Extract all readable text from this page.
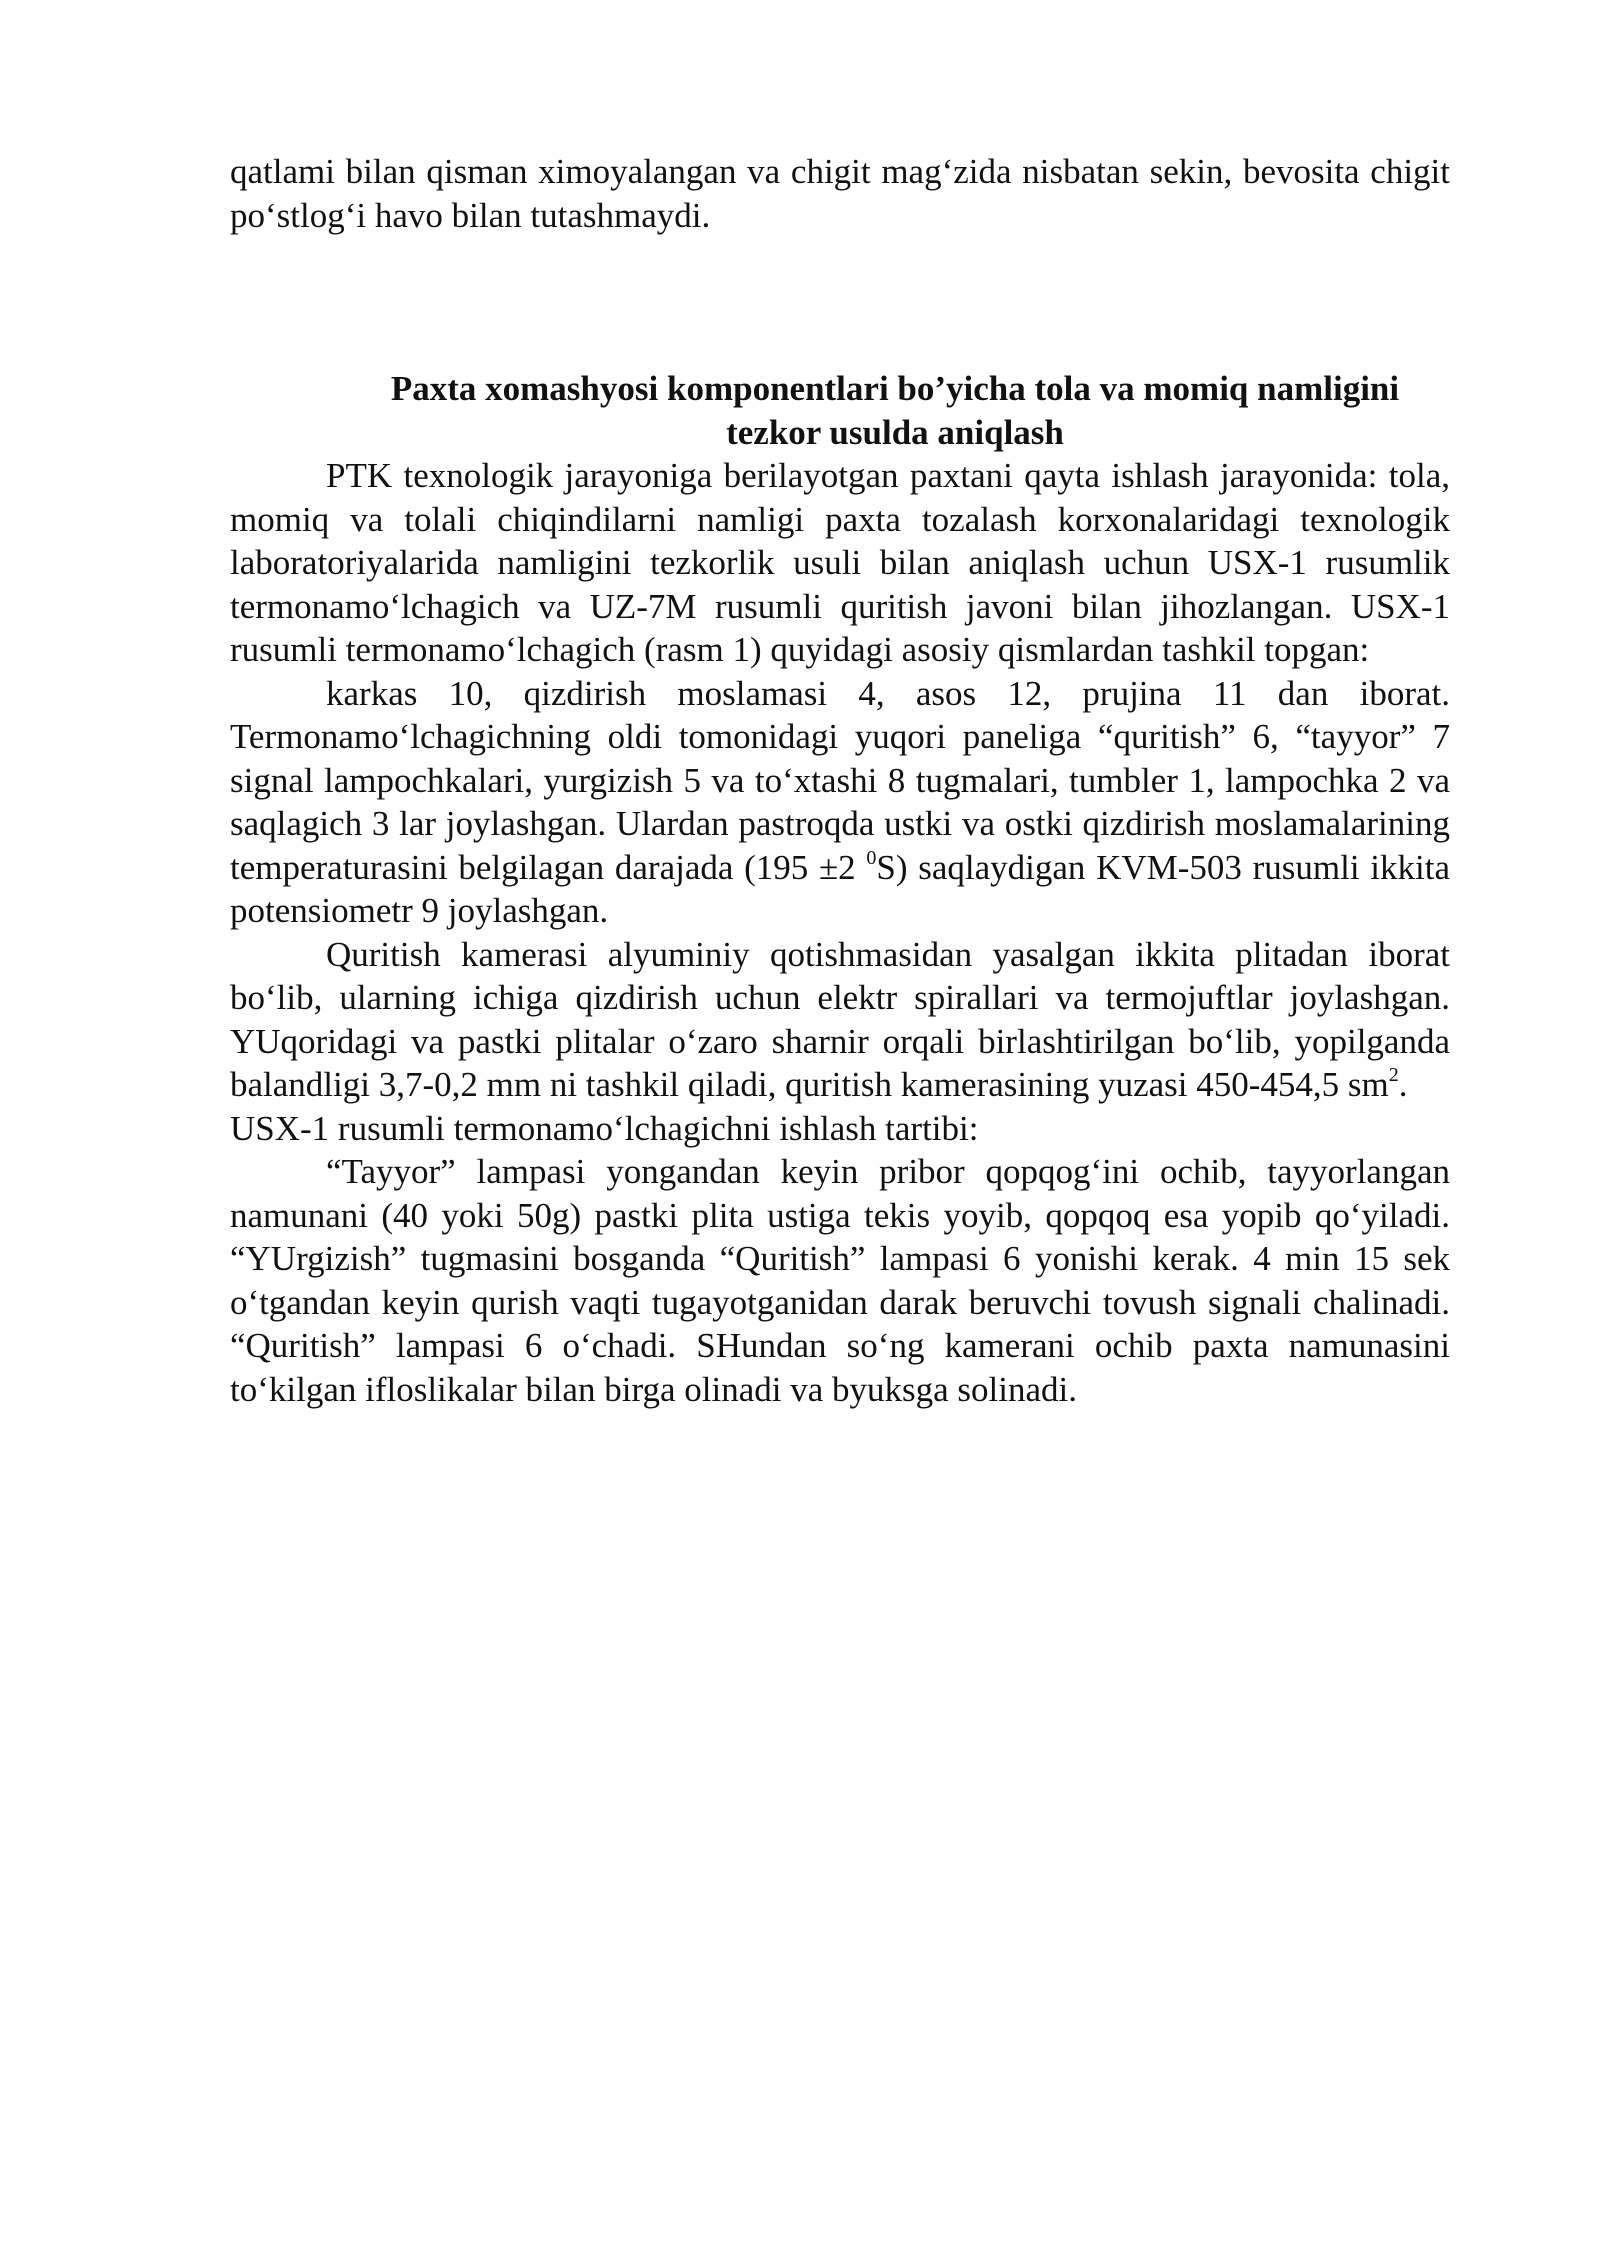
qatlami bilan qisman ximoyalangan va chigit mag‘zida nisbatan sekin, bevosita chigit po‘stlog‘i havo bilan tutashmaydi.

Paxta xomashyosi komponentlari bo’yicha tola va momiq namligini
tezkor usulda aniqlash

PTK texnologik jarayoniga berilayotgan paxtani qayta ishlash jarayonida: tola, momiq va tolali chiqindilarni namligi paxta tozalash korxonalaridagi texnologik laboratoriyalarida namligini tezkorlik usuli bilan aniqlash uchun USX-1 rusumlik termonamo‘lchagich va UZ-7M rusumli quritish javoni bilan jihozlangan. USX-1 rusumli termonamo‘lchagich (rasm 1) quyidagi asosiy qismlardan tashkil topgan:

karkas 10, qizdirish moslamasi 4, asos 12, prujina 11 dan iborat. Termonamo‘lchagichning oldi tomonidagi yuqori paneliga “quritish” 6, “tayyor” 7 signal lampochkalari, yurgizish 5 va to‘xtashi 8 tugmalari, tumbler 1, lampochka 2 va saqlagich 3 lar joylashgan. Ulardan pastroqda ustki va ostki qizdirish moslamalarining temperaturasini belgilagan darajada (195 ±2 $^0$S) saqlaydigan KVM-503 rusumli ikkita potensiometr 9 joylashgan.

Quritish kamerasi alyuminiy qotishmasidan yasalgan ikkita plitadan iborat bo‘lib, ularning ichiga qizdirish uchun elektr spirallari va termojuftlar joylashgan. YUqoridagi va pastki plitalar o‘zaro sharnir orqali birlashtirilgan bo‘lib, yopilganda balandligi 3,7-0,2 mm ni tashkil qiladi, quritish kamerasining yuzasi 450-454,5 $sm^2$.

USX-1 rusumli termonamo‘lchagichni ishlash tartibi:

“Tayyor” lampasi yongandan keyin pribor qopqog‘ini ochib, tayyorlangan namunani (40 yoki 50g) pastki plita ustiga tekis yoyib, qopqoq esa yopib qo‘yiladi. “YUrgizish” tugmasini bosganda “Quritish” lampasi 6 yonishi kerak. 4 min 15 sek o‘tgandan keyin qurish vaqti tugayotganidan darak beruvchi tovush signali chalinadi. “Quritish” lampasi 6 o‘chadi. SHundan so‘ng kamerani ochib paxta namunasini to‘kilgan ifloslikalar bilan birga olinadi va byuksga solinadi.
